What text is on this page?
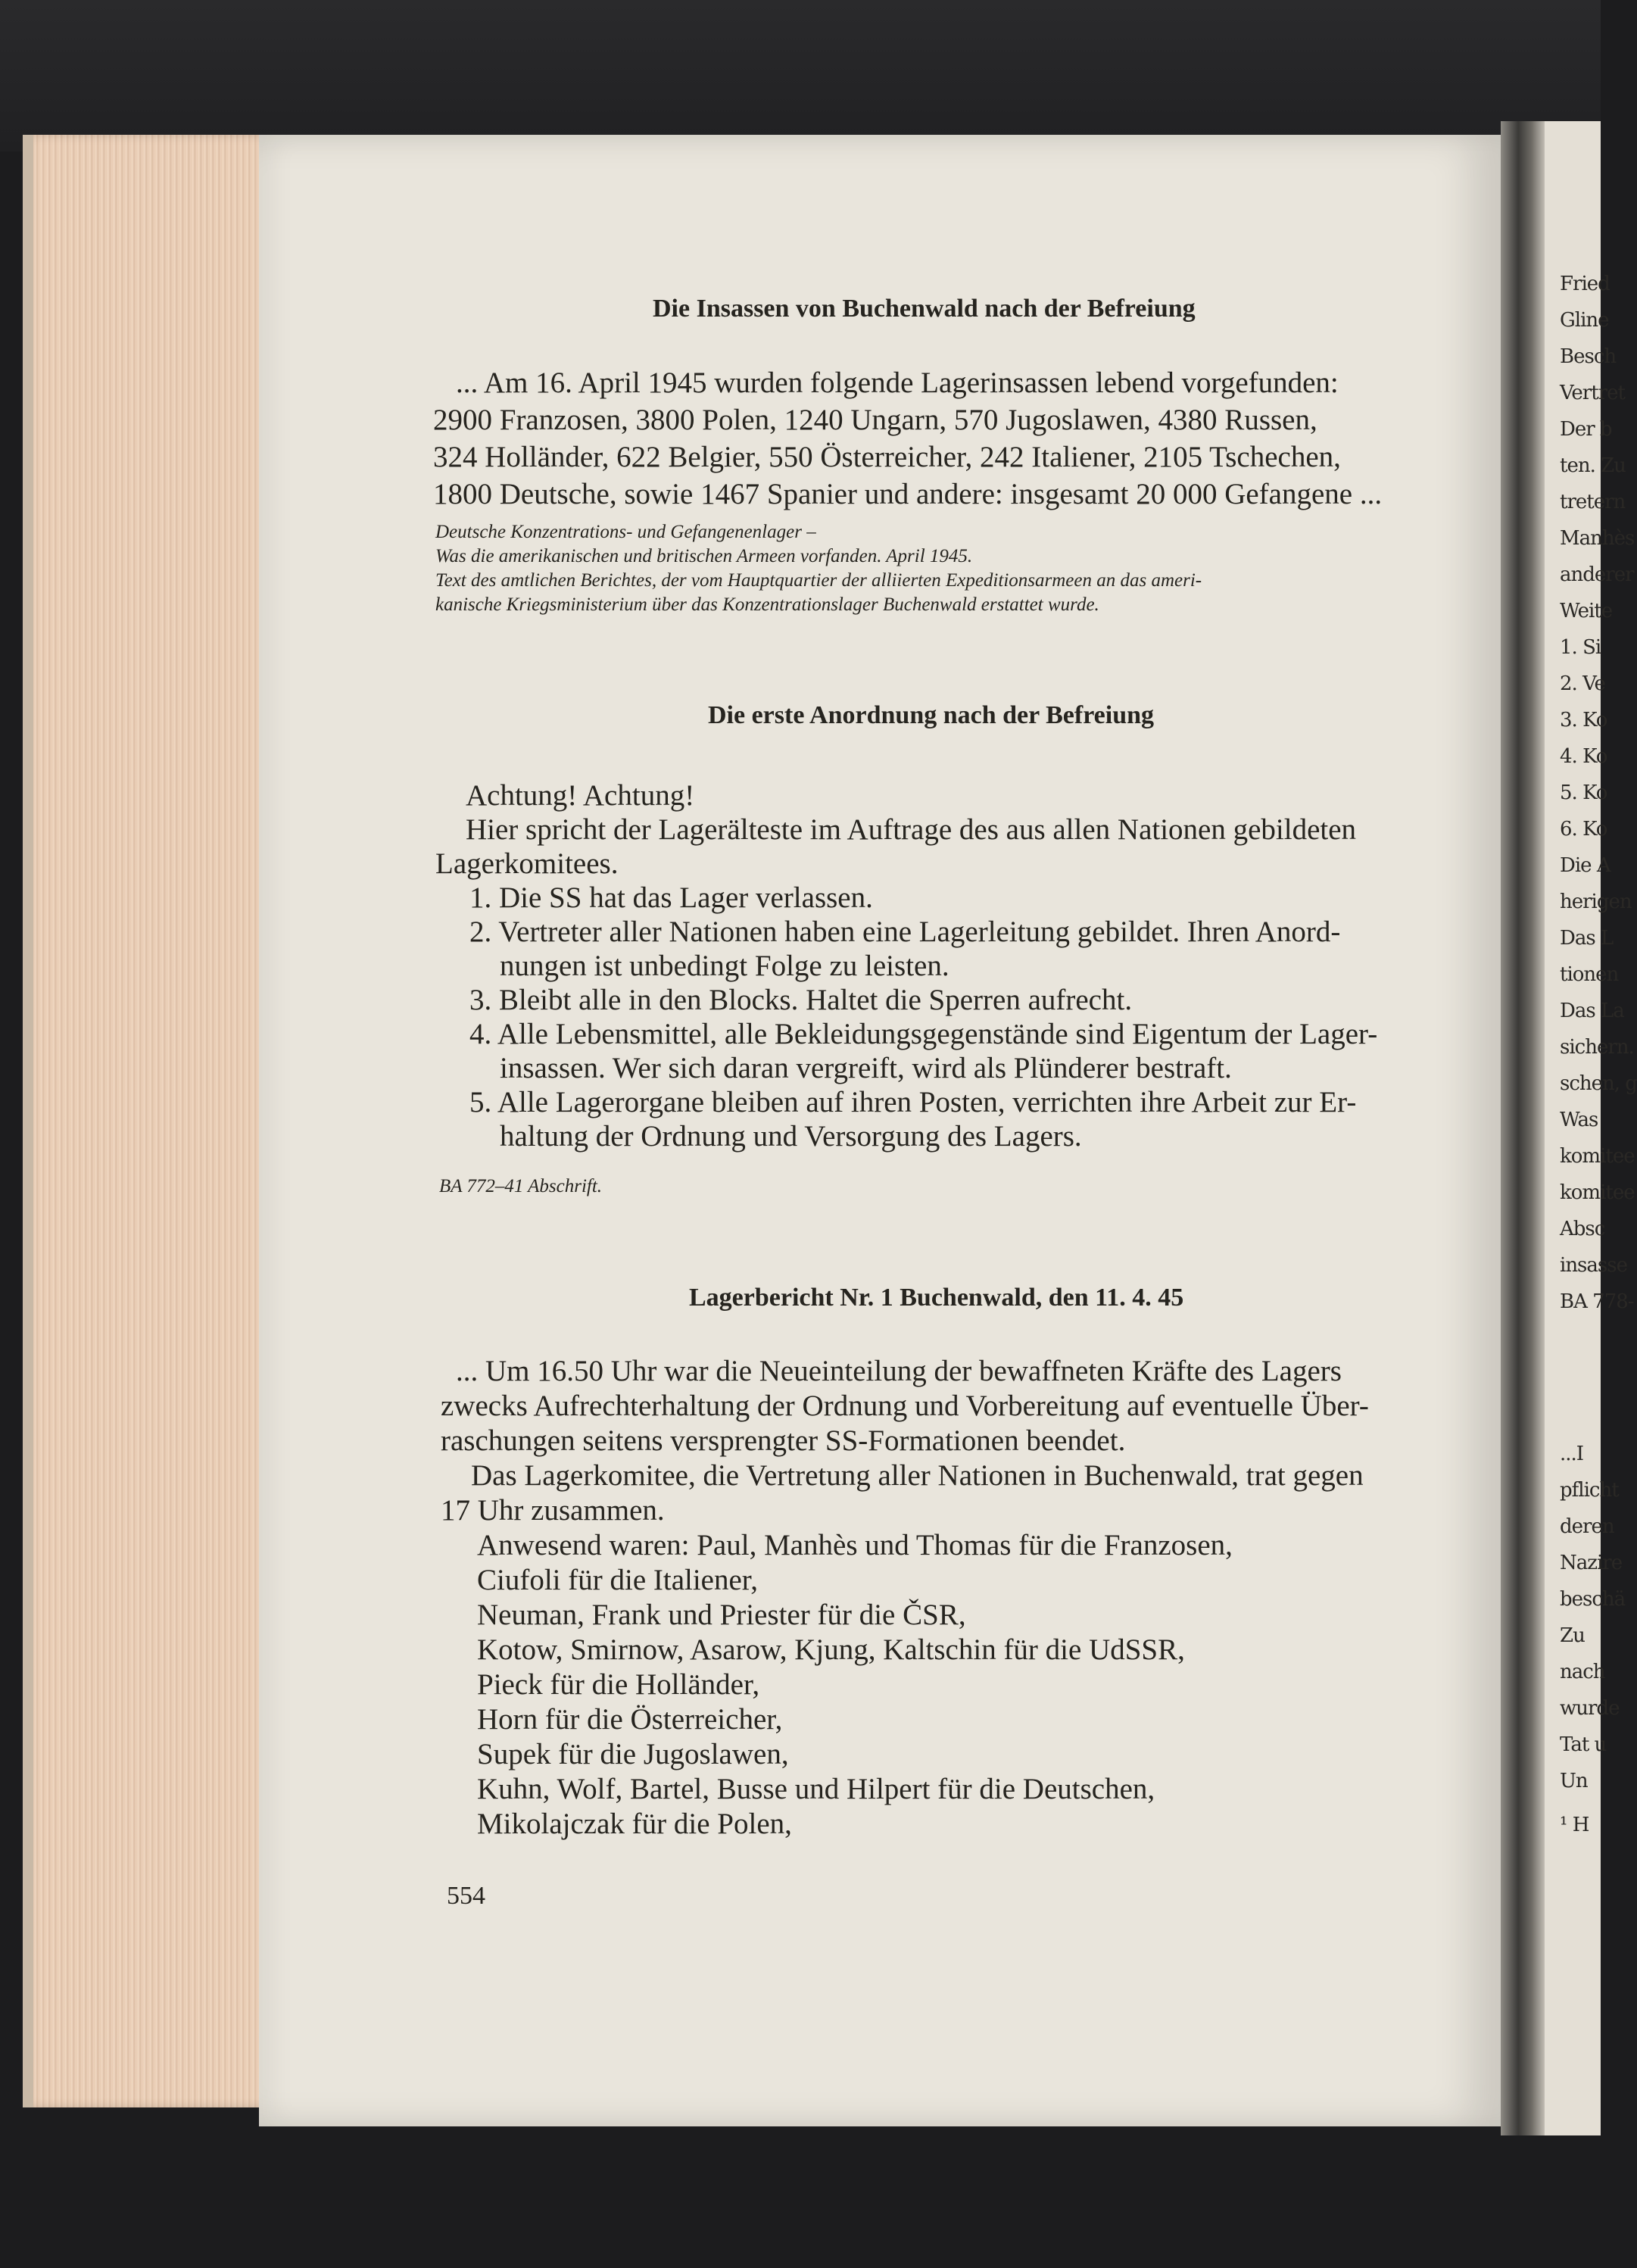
Fried
Gline
Besch
Vertret
Der b
ten. Zu
tretern
Manhès
anderer
Weite
1. Si
2. Ve
3. Ko
4. Ko
5. Ko
6. Ko
Die A
herigen
Das L
tionen
Das La
sichern.
schen, g
Was
komitee
komitee
Absc
insasse
BA 778-
...I
pflicht
deren
Nazire
beschä
Zu
nach
wurde
Tat u
Un
¹ H
Die Insassen von Buchenwald nach der Befreiung
... Am 16. April 1945 wurden folgende Lagerinsassen lebend vorgefunden:
2900 Franzosen, 3800 Polen, 1240 Ungarn, 570 Jugoslawen, 4380 Russen,
324 Holländer, 622 Belgier, 550 Österreicher, 242 Italiener, 2105 Tschechen,
1800 Deutsche, sowie 1467 Spanier und andere: insgesamt 20 000 Gefangene ...
Deutsche Konzentrations- und Gefangenenlager –
Was die amerikanischen und britischen Armeen vorfanden. April 1945.
Text des amtlichen Berichtes, der vom Hauptquartier der alliierten Expeditionsarmeen an das ameri-
kanische Kriegsministerium über das Konzentrationslager Buchenwald erstattet wurde.
Die erste Anordnung nach der Befreiung
Achtung! Achtung!
Hier spricht der Lagerälteste im Auftrage des aus allen Nationen gebildeten
Lagerkomitees.
1. Die SS hat das Lager verlassen.
2. Vertreter aller Nationen haben eine Lagerleitung gebildet. Ihren Anord-
nungen ist unbedingt Folge zu leisten.
3. Bleibt alle in den Blocks. Haltet die Sperren aufrecht.
4. Alle Lebensmittel, alle Bekleidungsgegenstände sind Eigentum der Lager-
insassen. Wer sich daran vergreift, wird als Plünderer bestraft.
5. Alle Lagerorgane bleiben auf ihren Posten, verrichten ihre Arbeit zur Er-
haltung der Ordnung und Versorgung des Lagers.
BA 772–41 Abschrift.
Lagerbericht Nr. 1 Buchenwald, den 11. 4. 45
... Um 16.50 Uhr war die Neueinteilung der bewaffneten Kräfte des Lagers
zwecks Aufrechterhaltung der Ordnung und Vorbereitung auf eventuelle Über-
raschungen seitens versprengter SS-Formationen beendet.
Das Lagerkomitee, die Vertretung aller Nationen in Buchenwald, trat gegen
17 Uhr zusammen.
Anwesend waren: Paul, Manhès und Thomas für die Franzosen,
Ciufoli für die Italiener,
Neuman, Frank und Priester für die ČSR,
Kotow, Smirnow, Asarow, Kjung, Kaltschin für die UdSSR,
Pieck für die Holländer,
Horn für die Österreicher,
Supek für die Jugoslawen,
Kuhn, Wolf, Bartel, Busse und Hilpert für die Deutschen,
Mikolajczak für die Polen,
554
